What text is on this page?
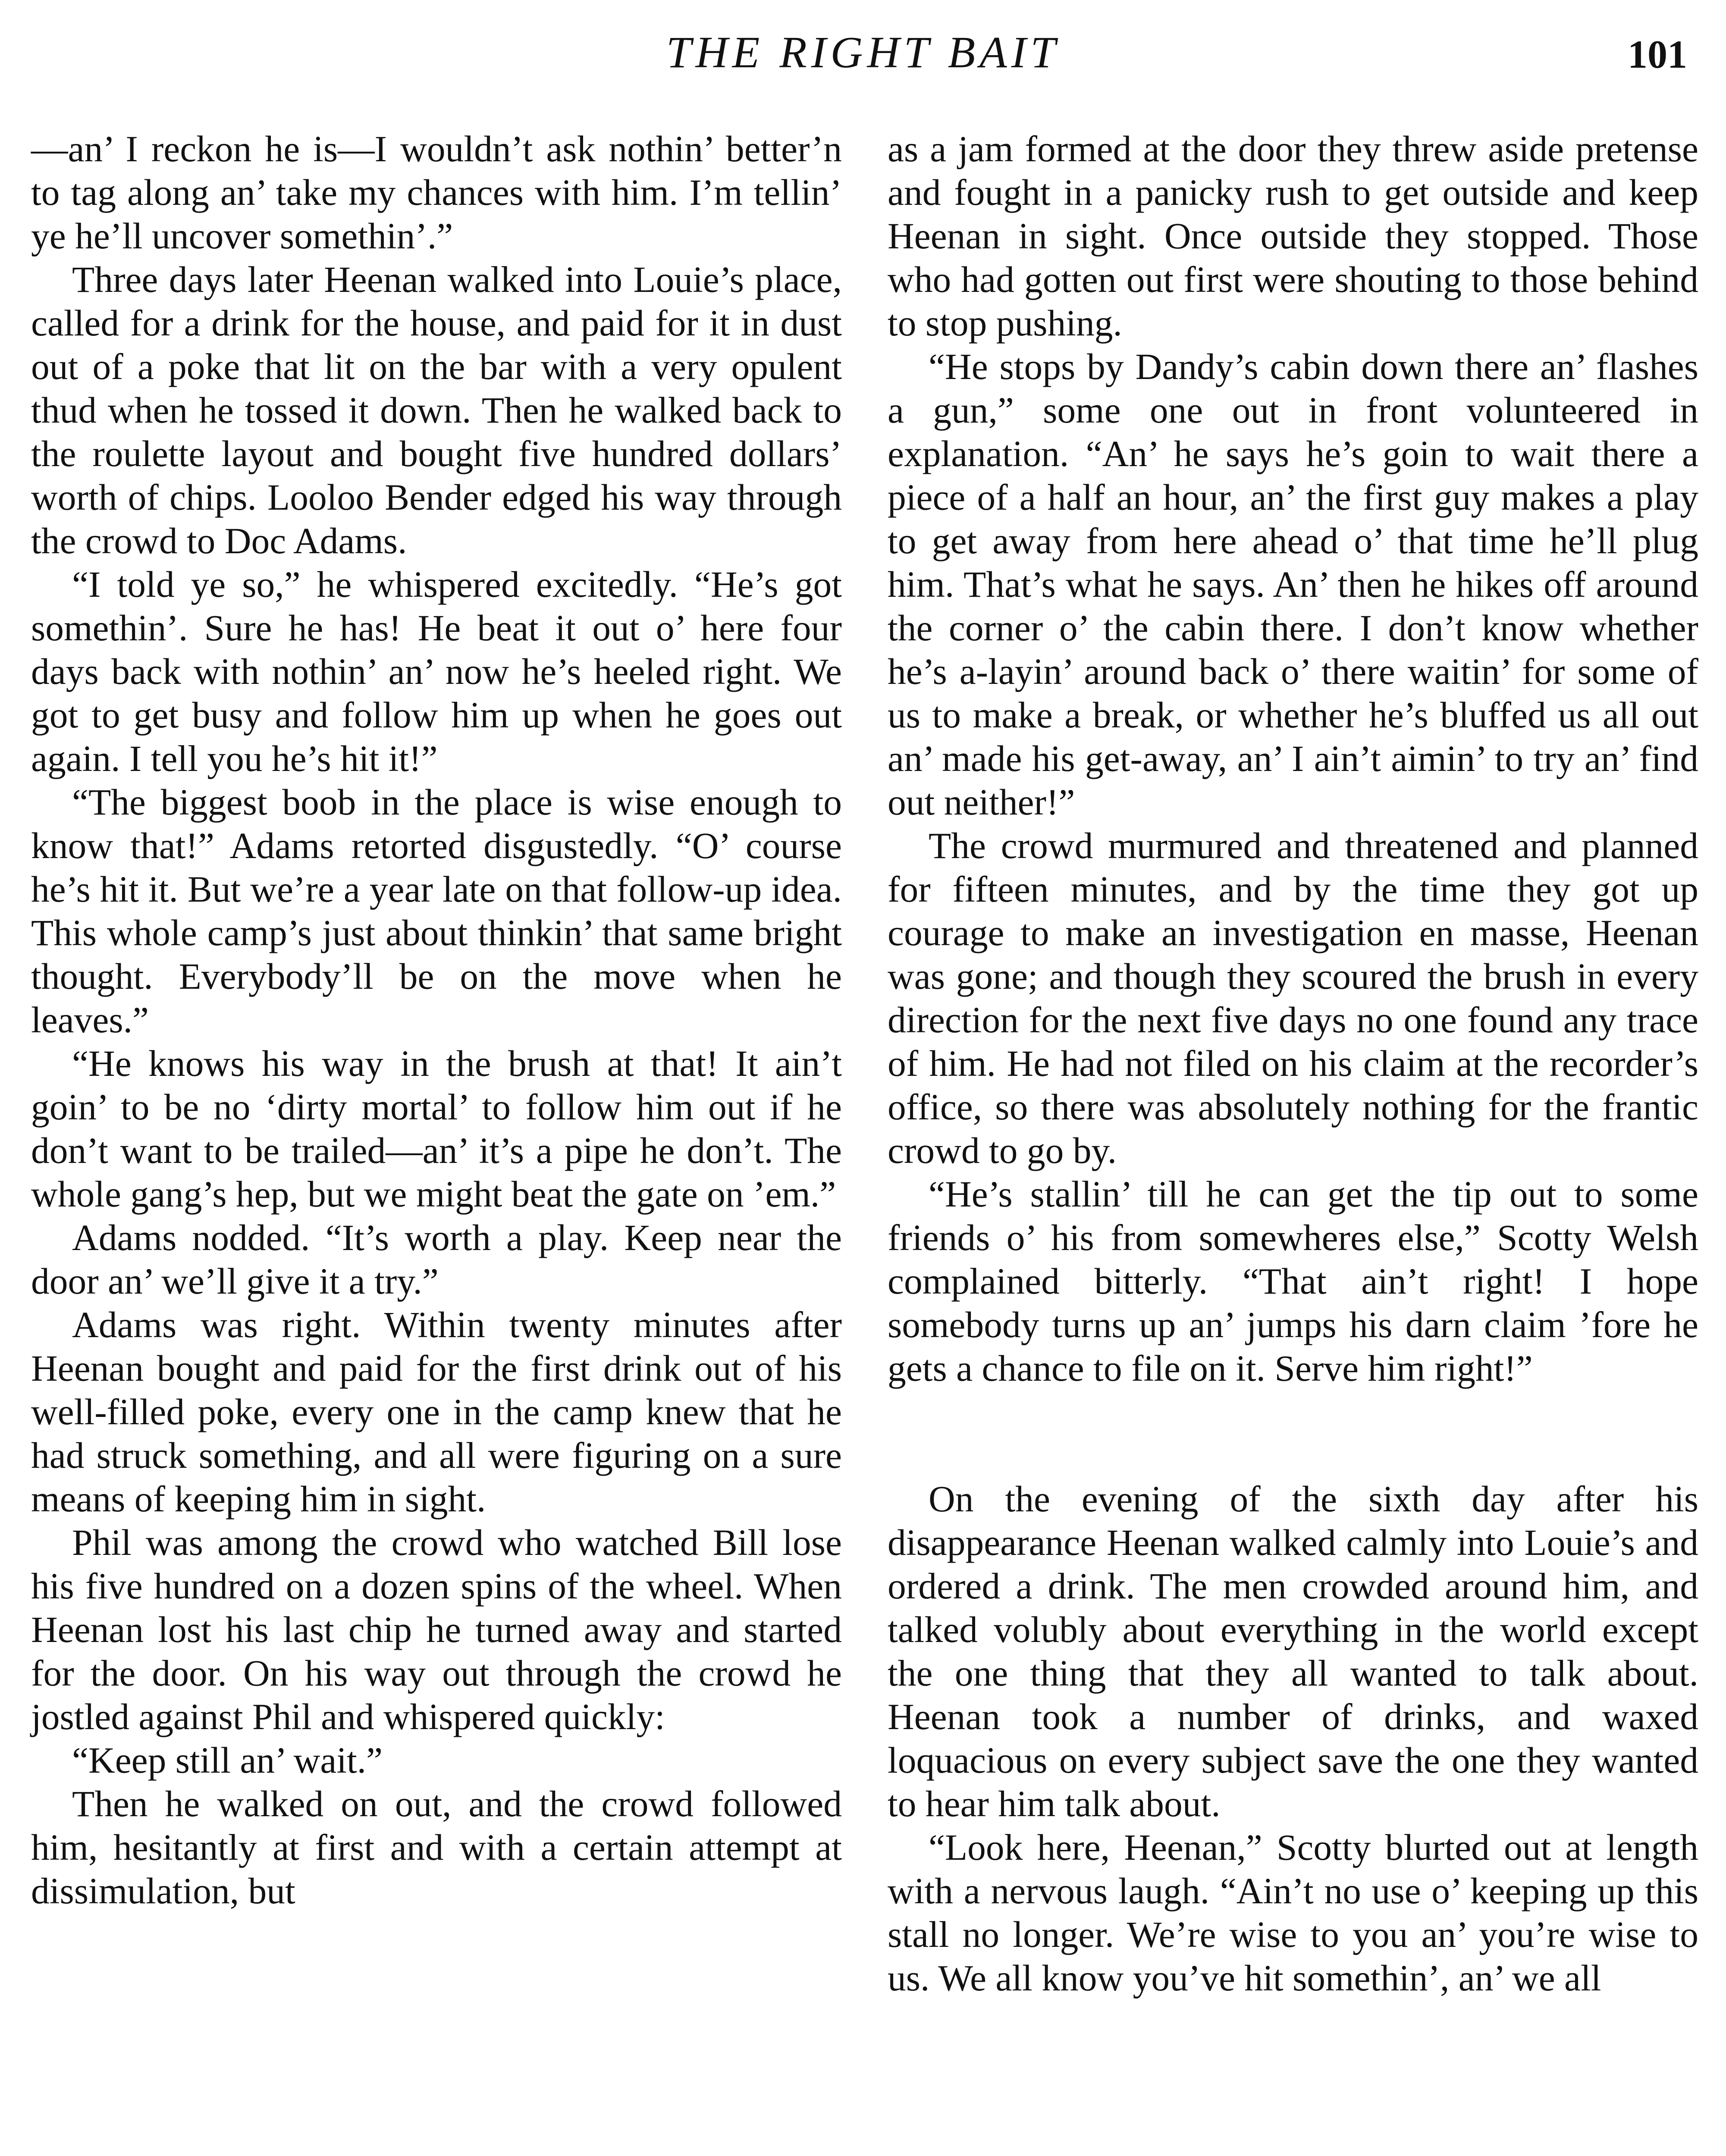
THE RIGHT BAIT	101

—an’ I reckon he is—I wouldn’t ask nothin’ better’n to tag along an’ take my chances with him. I’m tellin’ ye he’ll uncover somethin’.”

Three days later Heenan walked into Louie’s place, called for a drink for the house, and paid for it in dust out of a poke that lit on the bar with a very opulent thud when he tossed it down. Then he walked back to the roulette layout and bought five hundred dollars’ worth of chips. Looloo Bender edged his way through the crowd to Doc Adams.

“I told ye so,” he whispered excitedly. “He’s got somethin’. Sure he has! He beat it out o’ here four days back with nothin’ an’ now he’s heeled right. We got to get busy and follow him up when he goes out again. I tell you he’s hit it!”

“The biggest boob in the place is wise enough to know that!” Adams retorted disgustedly. “O’ course he’s hit it. But we’re a year late on that follow-up idea. This whole camp’s just about thinkin’ that same bright thought. Everybody’ll be on the move when he leaves.”

“He knows his way in the brush at that! It ain’t goin’ to be no ‘dirty mortal’ to follow him out if he don’t want to be trailed—an’ it’s a pipe he don’t. The whole gang’s hep, but we might beat the gate on ’em.”

Adams nodded. “It’s worth a play. Keep near the door an’ we’ll give it a try.”

Adams was right. Within twenty minutes after Heenan bought and paid for the first drink out of his well-filled poke, every one in the camp knew that he had struck something, and all were figuring on a sure means of keeping him in sight.

Phil was among the crowd who watched Bill lose his five hundred on a dozen spins of the wheel. When Heenan lost his last chip he turned away and started for the door. On his way out through the crowd he jostled against Phil and whispered quickly:

“Keep still an’ wait.”

Then he walked on out, and the crowd followed him, hesitantly at first and with a certain attempt at dissimulation, but

as a jam formed at the door they threw aside pretense and fought in a panicky rush to get outside and keep Heenan in sight. Once outside they stopped. Those who had gotten out first were shouting to those behind to stop pushing.

“He stops by Dandy’s cabin down there an’ flashes a gun,” some one out in front volunteered in explanation. “An’ he says he’s goin to wait there a piece of a half an hour, an’ the first guy makes a play to get away from here ahead o’ that time he’ll plug him. That’s what he says. An’ then he hikes off around the corner o’ the cabin there. I don’t know whether he’s a-layin’ around back o’ there waitin’ for some of us to make a break, or whether he’s bluffed us all out an’ made his get-away, an’ I ain’t aimin’ to try an’ find out neither!”

The crowd murmured and threatened and planned for fifteen minutes, and by the time they got up courage to make an investigation en masse, Heenan was gone; and though they scoured the brush in every direction for the next five days no one found any trace of him. He had not filed on his claim at the recorder’s office, so there was absolutely nothing for the frantic crowd to go by.

“He’s stallin’ till he can get the tip out to some friends o’ his from somewheres else,” Scotty Welsh complained bitterly. “That ain’t right! I hope somebody turns up an’ jumps his darn claim ’fore he gets a chance to file on it. Serve him right!”

On the evening of the sixth day after his disappearance Heenan walked calmly into Louie’s and ordered a drink. The men crowded around him, and talked volubly about everything in the world except the one thing that they all wanted to talk about. Heenan took a number of drinks, and waxed loquacious on every subject save the one they wanted to hear him talk about.

“Look here, Heenan,” Scotty blurted out at length with a nervous laugh. “Ain’t no use o’ keeping up this stall no longer. We’re wise to you an’ you’re wise to us. We all know you’ve hit somethin’, an’ we all
